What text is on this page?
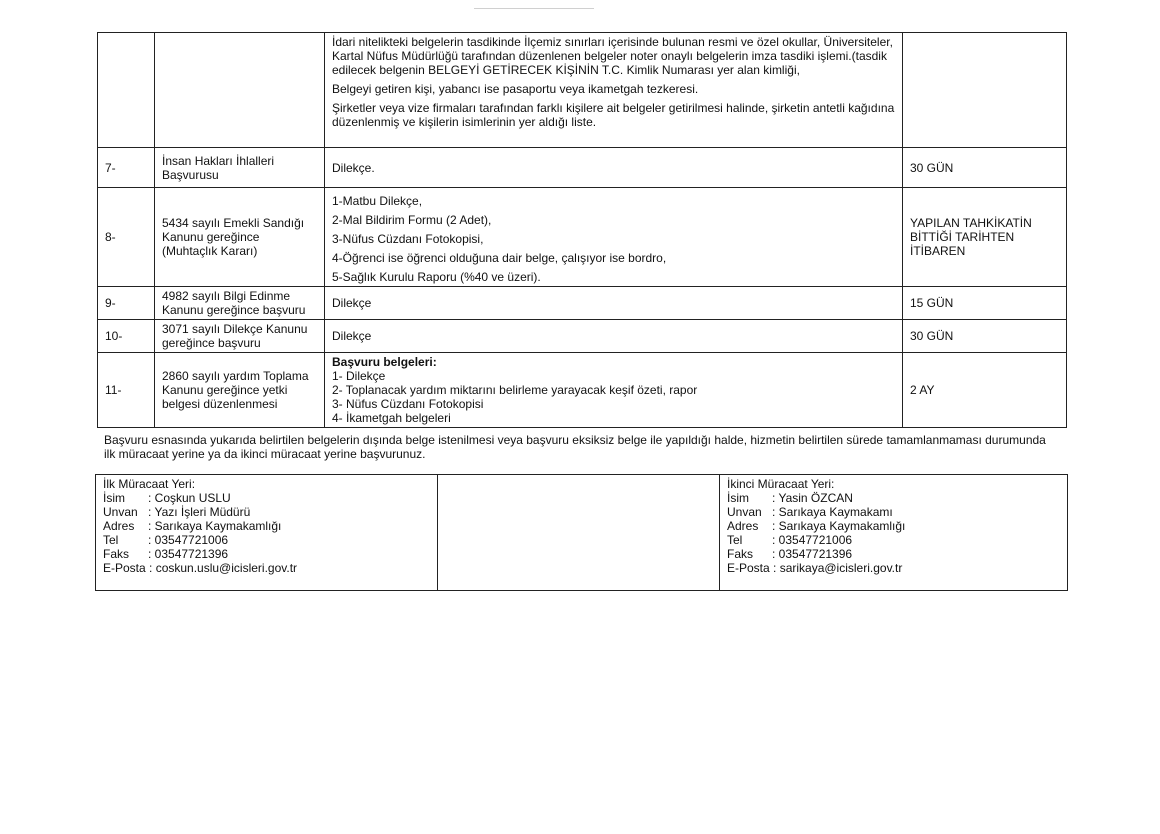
		İdari nitelikteki belgelerin tasdikinde İlçemiz sınırları içerisinde bulunan resmi ve özel okullar, Üniversiteler, Kartal Nüfus Müdürlüğü tarafından düzenlenen belgeler noter onaylı belgelerin imza tasdiki işlemi.(tasdik edilecek belgenin BELGEYİ GETİRECEK KİŞİNİN T.C. Kimlik Numarası yer alan kimliği,
Belgeyi getiren kişi, yabancı ise pasaportu veya ikametgah tezkeresi.
Şirketler veya vize firmaları tarafından farklı kişilere ait belgeler getirilmesi halinde, şirketin antetli kağıdına düzenlenmiş ve kişilerin isimlerinin yer aldığı liste.	

7-	İnsan Hakları İhlalleri Başvurusu	Dilekçe.	30 GÜN
8-	5434 sayılı Emekli Sandığı Kanunu gereğince (Muhtaçlık Kararı)	1-Matbu Dilekçe,
2-Mal Bildirim Formu (2 Adet),
3-Nüfus Cüzdanı Fotokopisi,
4-Öğrenci ise öğrenci olduğuna dair belge, çalışıyor ise bordro,
5-Sağlık Kurulu Raporu (%40 ve üzeri).	YAPILAN TAHKİKATİN BİTTİĞİ TARİHTEN İTİBAREN
9-	4982 sayılı Bilgi Edinme Kanunu gereğince başvuru	Dilekçe	15 GÜN
10-	3071 sayılı Dilekçe Kanunu gereğince başvuru	Dilekçe	30 GÜN
11-	2860 sayılı yardım Toplama Kanunu gereğince yetki belgesi düzenlenmesi	Başvuru belgeleri:
1- Dilekçe
2- Toplanacak yardım miktarını belirleme yarayacak keşif özeti, rapor
3- Nüfus Cüzdanı Fotokopisi
4- İkametgah belgeleri	2 AY
Başvuru esnasında yukarıda belirtilen belgelerin dışında belge istenilmesi veya başvuru eksiksiz belge ile yapıldığı halde, hizmetin belirtilen sürede tamamlanmaması durumunda ilk müracaat yerine ya da ikinci müracaat yerine başvurunuz.
İlk Müracaat Yeri:
İsim	: Coşkun USLU
Unvan : Yazı İşleri Müdürü
Adres	: Sarıkaya Kaymakamlığı
Tel	: 03547721006
Faks	: 03547721396
E-Posta : coskun.uslu@icisleri.gov.tr

İkinci Müracaat Yeri:
İsim	: Yasin ÖZCAN
Unvan : Sarıkaya Kaymakamı
Adres	: Sarıkaya Kaymakamlığı
Tel	: 03547721006
Faks	: 03547721396
E-Posta : sarikaya@icisleri.gov.tr
